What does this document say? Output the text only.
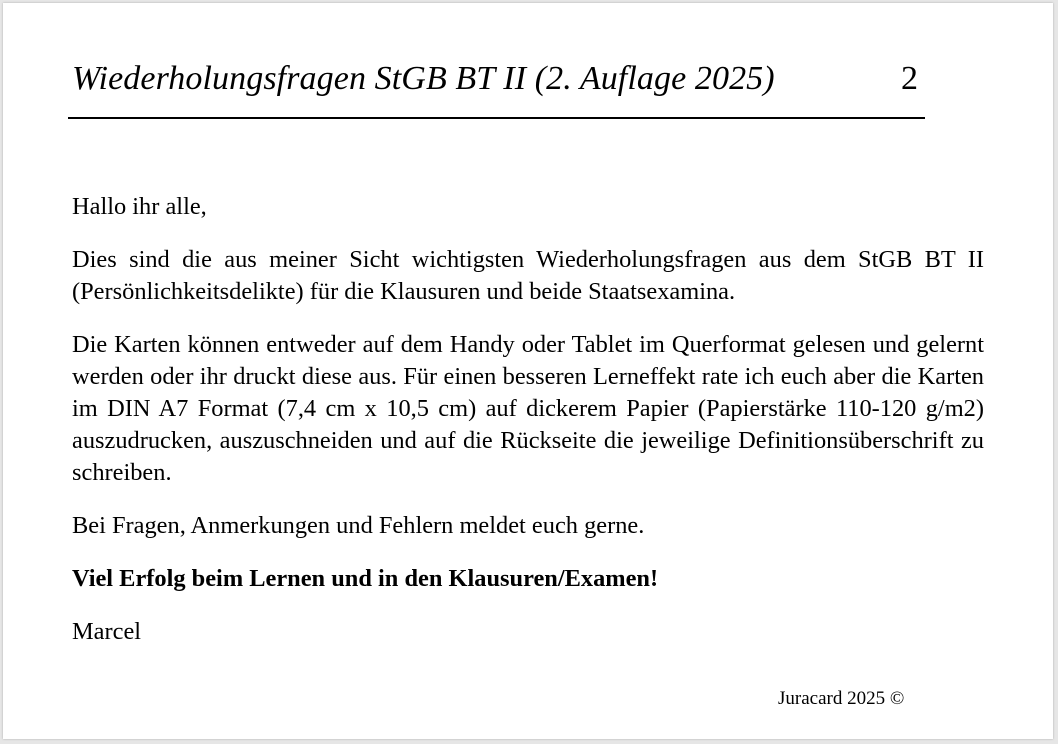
Wiederholungsfragen StGB BT II (2. Auflage 2025)	2

Hallo ihr alle,

Dies sind die aus meiner Sicht wichtigsten Wiederholungsfragen aus dem StGB BT II (Persönlichkeitsdelikte) für die Klausuren und beide Staatsexamina.

Die Karten können entweder auf dem Handy oder Tablet im Querformat gelesen und gelernt werden oder ihr druckt diese aus. Für einen besseren Lerneffekt rate ich euch aber die Karten im DIN A7 Format (7,4 cm x 10,5 cm) auf dickerem Papier (Papierstärke 110-120 g/m2) auszudrucken, auszuschneiden und auf die Rückseite die jeweilige Definitionsüberschrift zu schreiben.

Bei Fragen, Anmerkungen und Fehlern meldet euch gerne.

Viel Erfolg beim Lernen und in den Klausuren/Examen!

Marcel

Juracard 2025 ©
